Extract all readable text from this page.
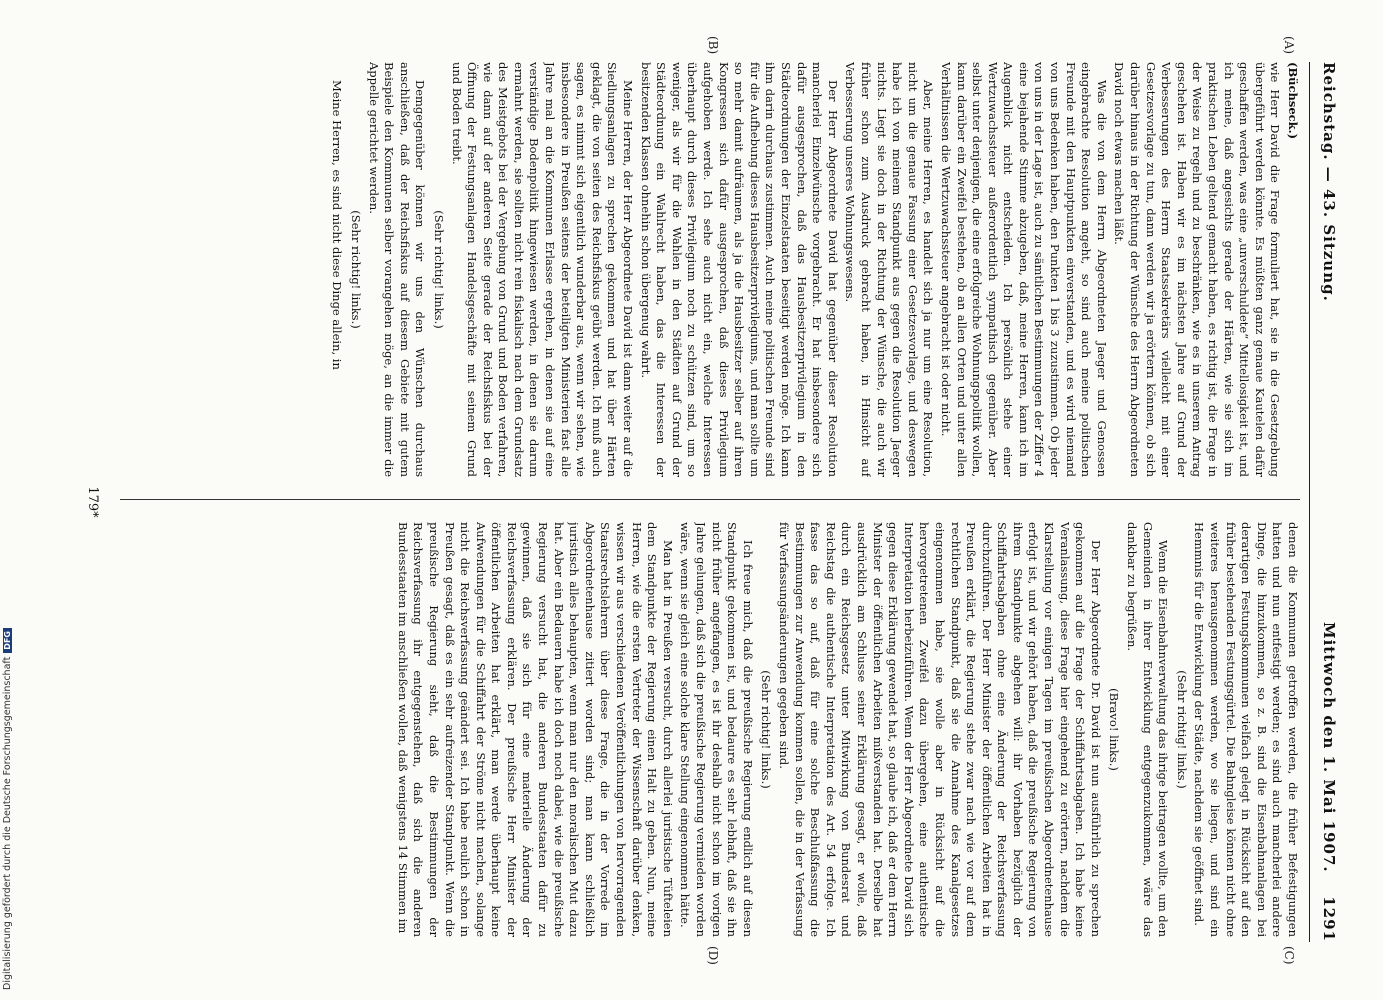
Digitalisierung gefördert durch die Deutsche ForschungsgemeinschaftDFG
Reichstag. — 43. Sitzung.
Mittwoch den 1. Mai 1907.
1291
(A)
(B)
(C)
(D)

(Büchseck.)

wie Herr David die Frage formuliert hat, sie in die Gesetzgebung übergeführt werden könnte. Es müßten ganz genaue Kautelen dafür geschaffen werden, was eine „unverschuldete“ Mittellosigkeit ist, und ich meine, daß angesichts gerade der Härten, wie sie sich im praktischen Leben geltend gemacht haben, es richtig ist, die Frage in der Weise zu regeln und zu beschränken, wie es in unserem Antrag geschehen ist. Haben wir es im nächsten Jahre auf Grund der Verbesserungen des Herrn Staatssekretärs vielleicht mit einer Gesetzesvorlage zu tun, dann werden wir ja erörtern können, ob sich darüber hinaus in der Richtung der Wünsche des Herrn Abgeordneten David noch etwas machen läßt.

Was die von dem Herrn Abgeordneten Jaeger und Genossen eingebrachte Resolution angeht, so sind auch meine politischen Freunde mit den Hauptpunkten einverstanden, und es wird niemand von uns Bedenken haben, den Punkten 1 bis 3 zuzustimmen. Ob jeder von uns in der Lage ist, auch zu sämtlichen Bestimmungen der Ziffer 4 eine bejahende Stimme abzugeben, daß, meine Herren, kann ich im Augenblick nicht entscheiden. Ich persönlich stehe einer Wertzuwachssteuer außerordentlich sympathisch gegenüber. Aber selbst unter denjenigen, die eine erfolgreiche Wohnungspolitik wollen, kann darüber ein Zweifel bestehen, ob an allen Orten und unter allen Verhältnissen die Wertzuwachssteuer angebracht ist oder nicht.

Aber, meine Herren, es handelt sich ja nur um eine Resolution, nicht um die genaue Fassung einer Gesetzesvorlage, und deswegen habe ich von meinem Standpunkt aus gegen die Resolution Jaeger nichts. Liegt sie doch in der Richtung der Wünsche, die auch wir früher schon zum Ausdruck gebracht haben, in Hinsicht auf Verbesserung unseres Wohnungswesens.

Der Herr Abgeordnete David hat gegenüber dieser Resolution mancherlei Einzelwünsche vorgebracht. Er hat insbesondere sich dafür ausgesprochen, daß das Hausbesitzerprivilegium in den Städteordnungen der Einzelstaaten beseitigt werden möge. Ich kann ihm darin durchaus zustimmen. Auch meine politischen Freunde sind für die Aufhebung dieses Hausbesitzerprivilegiums, und man sollte um so mehr damit aufräumen, als ja die Hausbesitzer selber auf ihren Kongressen sich dafür ausgesprochen, daß dieses Privilegium aufgehoben werde. Ich sehe auch nicht ein, welche Interessen überhaupt durch dieses Privilegium noch zu schützen sind, um so weniger, als wir für die Wahlen in den Städten auf Grund der Städteordnung ein Wahlrecht haben, das die Interessen der besitzenden Klassen ohnehin schon übergenug wahrt.

Meine Herren, der Herr Abgeordnete David ist dann weiter auf die Siedlungsanlagen zu sprechen gekommen und hat über Härten geklagt, die von seiten des Reichsfiskus geübt werden. Ich muß auch sagen, es nimmt sich eigentlich wunderbar aus, wenn wir sehen, wie insbesondere in Preußen seitens der beteiligten Ministerien fast alle Jahre mal an die Kommunen Erlasse ergehen, in denen sie auf eine verständige Bodenpolitik hingewiesen werden, in denen sie darum ermahnt werden, sie sollten nicht rein fiskalisch nach dem Grundsatz des Meistgebots bei der Vergebung von Grund und Boden verfahren, wie dann auf der anderen Seite gerade der Reichsfiskus bei der Öffnung der Festungsanlagen Handelsgeschäfte mit seinem Grund und Boden treibt.

(Sehr richtig! links.)

Demgegenüber können wir uns den Wünschen durchaus anschließen, daß der Reichsfiskus auf diesem Gebiete mit gutem Beispiele den Kommunen selber vorangehen möge, an die immer die Appelle gerichtet werden.

(Sehr richtig! links.)

Meine Herren, es sind nicht diese Dinge allein, in

denen die Kommunen getroffen werden, die früher Befestigungen hatten und nun entfestigt werden; es sind auch mancherlei andere Dinge, die hinzukommen, so z. B. sind die Eisenbahnanlagen bei derartigen Festungskommunen vielfach gelegt in Rücksicht auf den früher bestehenden Festungsgürtel. Die Bahngleise können nicht ohne weiteres herausgenommen werden, wo sie liegen, und sind ein Hemmnis für die Entwicklung der Städte, nachdem sie geöffnet sind.

(Sehr richtig! links.)

Wenn die Eisenbahnverwaltung das ihrige beitragen wollte, um den Gemeinden in ihrer Entwicklung entgegenzukommen, wäre das dankbar zu begrüßen.

(Bravo! links.)

Der Herr Abgeordnete Dr. David ist nun ausführlich zu sprechen gekommen auf die Frage der Schiffahrtsabgaben. Ich habe keine Veranlassung, diese Frage hier eingehend zu erörtern, nachdem die Klarstellung vor einigen Tagen im preußischen Abgeordnetenhause erfolgt ist, und wir gehört haben, daß die preußische Regierung von ihrem Standpunkte abgehen will: ihr Vorhaben bezüglich der Schiffahrtsabgaben ohne eine Änderung der Reichsverfassung durchzuführen. Der Herr Minister der öffentlichen Arbeiten hat in Preußen erklärt, die Regierung stehe zwar nach wie vor auf dem rechtlichen Standpunkt, daß sie die Annahme des Kanalgesetzes eingenommen habe, sie wolle aber in Rücksicht auf die hervorgetretenen Zweifel dazu übergehen, eine authentische Interpretation herbeizuführen. Wenn der Herr Abgeordnete David sich gegen diese Erklärung gewendet hat, so glaube ich, daß er dem Herrn Minister der öffentlichen Arbeiten mißverstanden hat. Derselbe hat ausdrücklich am Schlusse seiner Erklärung gesagt, er wolle, daß durch ein Reichsgesetz unter Mitwirkung von Bundesrat und Reichstag die authentische Interpretation des Art. 54 erfolge. Ich fasse das so auf, daß für eine solche Beschlußfassung die Bestimmungen zur Anwendung kommen sollen, die in der Verfassung für Verfassungsänderungen gegeben sind.

(Sehr richtig! links.)

Ich freue mich, daß die preußische Regierung endlich auf diesen Standpunkt gekommen ist, und bedaure es sehr lebhaft, daß sie ihn nicht früher angefangen, es ist ihr deshalb nicht schon im vorigen Jahre gelungen, daß sich die preußische Regierung vermieden worden wäre, wenn sie gleich eine solche klare Stellung eingenommen hätte.

Man hat in Preußen versucht, durch allerlei juristische Tüfteleien dem Standpunkte der Regierung einen Halt zu geben. Nun, meine Herren, wie die ersten Vertreter der Wissenschaft darüber denken, wissen wir aus verschiedenen Veröffentlichungen von hervorragenden Staatsrechtslehrern über diese Frage, die in der Vorrede im Abgeordnetenhause zitiert worden sind; man kann schließlich juristisch alles behaupten, wenn man nur den moralischen Mut dazu hat. Aber ein Bedauern habe ich doch noch dabei, wie die preußische Regierung versucht hat, die anderen Bundesstaaten dafür zu gewinnen, daß sie sich für eine materielle Änderung der Reichsverfassung erklären. Der preußische Herr Minister der öffentlichen Arbeiten hat erklärt, man werde überhaupt keine Aufwendungen für die Schiffahrt der Ströme nicht machen, solange nicht die Reichsverfassung geändert sei. Ich habe neulich schon in Preußen gesagt, daß es ein sehr aufreizender Standpunkt. Wenn die preußische Regierung sieht, daß die Bestimmungen der Reichsverfassung ihr entgegenstehen, daß sich die anderen Bundesstaaten im anschließen wollen, daß wenigstens 14 Stimmen im

179*
